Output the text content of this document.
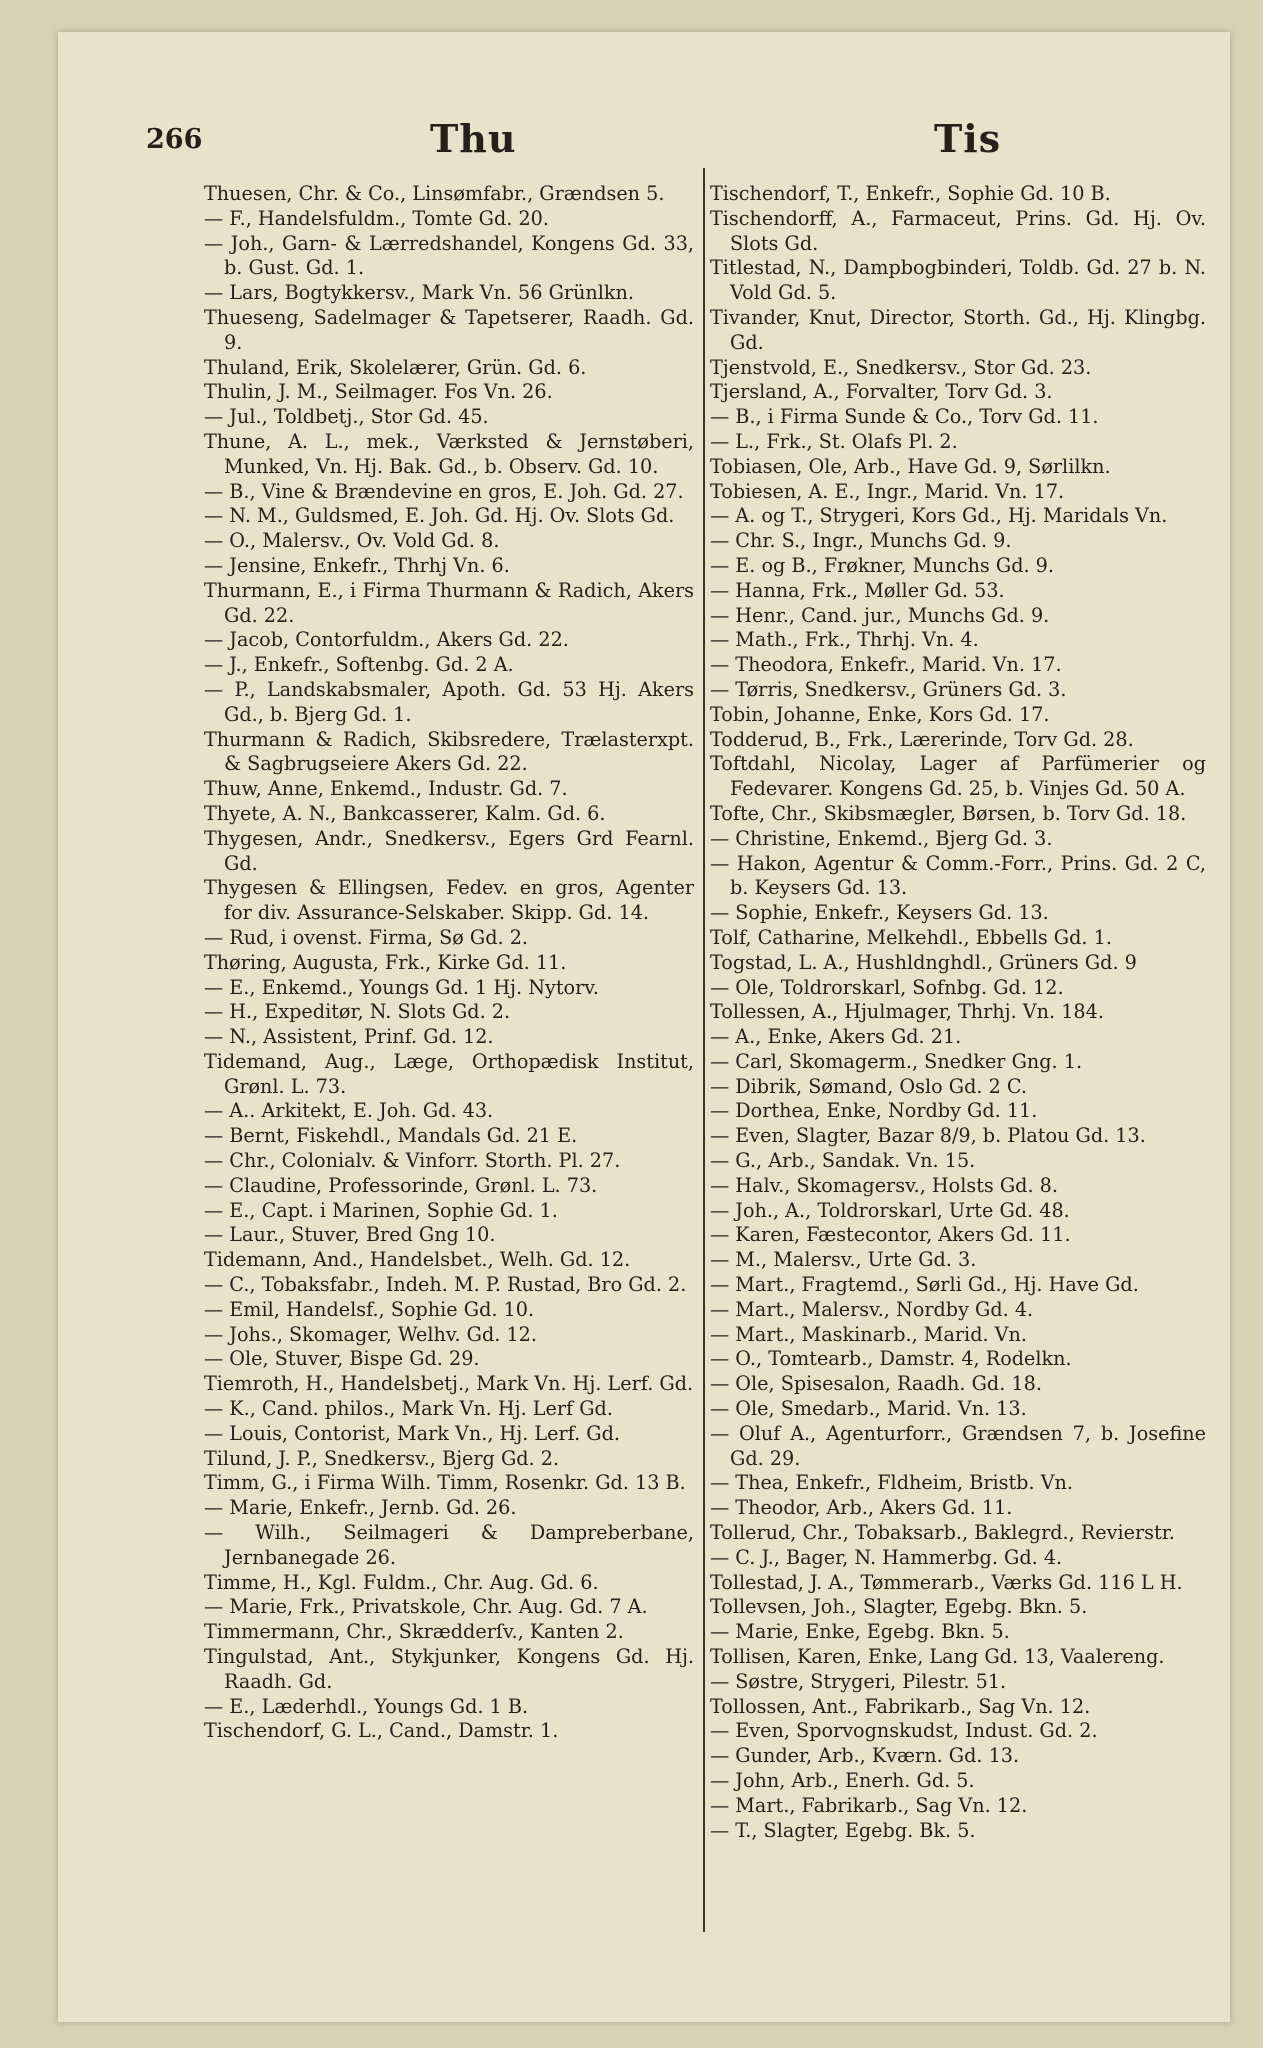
266	Thu	Tis
Thuesen, Chr. & Co., Linsømfabr., Grændsen 5.
— F., Handelsfuldm., Tomte Gd. 20.
— Joh., Garn- & Lærredshandel, Kongens Gd. 33, b. Gust. Gd. 1.
— Lars, Bogtykkersv., Mark Vn. 56 Grünlkn.
Thueseng, Sadelmager & Tapetserer, Raadh. Gd. 9.
Thuland, Erik, Skolelærer, Grün. Gd. 6.
Thulin, J. M., Seilmager. Fos Vn. 26.
— Jul., Toldbetj., Stor Gd. 45.
Thune, A. L., mek., Værksted & Jernstøberi, Munked, Vn. Hj. Bak. Gd., b. Observ. Gd. 10.
— B., Vine & Brændevine en gros, E. Joh. Gd. 27.
— N. M., Guldsmed, E. Joh. Gd. Hj. Ov. Slots Gd.
— O., Malersv., Ov. Vold Gd. 8.
— Jensine, Enkefr., Thrhj Vn. 6.
Thurmann, E., i Firma Thurmann & Radich, Akers Gd. 22.
— Jacob, Contorfuldm., Akers Gd. 22.
— J., Enkefr., Softenbg. Gd. 2 A.
— P., Landskabsmaler, Apoth. Gd. 53 Hj. Akers Gd., b. Bjerg Gd. 1.
Thurmann & Radich, Skibsredere, Trælasterxpt. & Sagbrugseiere Akers Gd. 22.
Thuw, Anne, Enkemd., Industr. Gd. 7.
Thyete, A. N., Bankcasserer, Kalm. Gd. 6.
Thygesen, Andr., Snedkersv., Egers Grd Fearnl. Gd.
Thygesen & Ellingsen, Fedev. en gros, Agenter for div. Assurance-Selskaber. Skipp. Gd. 14.
— Rud, i ovenst. Firma, Sø Gd. 2.
Thøring, Augusta, Frk., Kirke Gd. 11.
— E., Enkemd., Youngs Gd. 1 Hj. Nytorv.
— H., Expeditør, N. Slots Gd. 2.
— N., Assistent, Prinf. Gd. 12.
Tidemand, Aug., Læge, Orthopædisk Institut, Grønl. L. 73.
— A.. Arkitekt, E. Joh. Gd. 43.
— Bernt, Fiskehdl., Mandals Gd. 21 E.
— Chr., Colonialv. & Vinforr. Storth. Pl. 27.
— Claudine, Professorinde, Grønl. L. 73.
— E., Capt. i Marinen, Sophie Gd. 1.
— Laur., Stuver, Bred Gng 10.
Tidemann, And., Handelsbet., Welh. Gd. 12.
— C., Tobaksfabr., Indeh. M. P. Rustad, Bro Gd. 2.
— Emil, Handelsf., Sophie Gd. 10.
— Johs., Skomager, Welhv. Gd. 12.
— Ole, Stuver, Bispe Gd. 29.
Tiemroth, H., Handelsbetj., Mark Vn. Hj. Lerf. Gd.
— K., Cand. philos., Mark Vn. Hj. Lerf Gd.
— Louis, Contorist, Mark Vn., Hj. Lerf. Gd.
Tilund, J. P., Snedkersv., Bjerg Gd. 2.
Timm, G., i Firma Wilh. Timm, Rosenkr. Gd. 13 B.
— Marie, Enkefr., Jernb. Gd. 26.
— Wilh., Seilmageri & Dampreberbane, Jernbanegade 26.
Timme, H., Kgl. Fuldm., Chr. Aug. Gd. 6.
— Marie, Frk., Privatskole, Chr. Aug. Gd. 7 A.
Timmermann, Chr., Skrædderſv., Kanten 2.
Tingulstad, Ant., Stykjunker, Kongens Gd. Hj. Raadh. Gd.
— E., Læderhdl., Youngs Gd. 1 B.
Tischendorf, G. L., Cand., Damstr. 1.
Tischendorf, T., Enkefr., Sophie Gd. 10 B.
Tischendorff, A., Farmaceut, Prins. Gd. Hj. Ov. Slots Gd.
Titlestad, N., Dampbogbinderi, Toldb. Gd. 27 b. N. Vold Gd. 5.
Tivander, Knut, Director, Storth. Gd., Hj. Klingbg. Gd.
Tjenstvold, E., Snedkersv., Stor Gd. 23.
Tjersland, A., Forvalter, Torv Gd. 3.
— B., i Firma Sunde & Co., Torv Gd. 11.
— L., Frk., St. Olafs Pl. 2.
Tobiasen, Ole, Arb., Have Gd. 9, Sørlilkn.
Tobiesen, A. E., Ingr., Marid. Vn. 17.
— A. og T., Strygeri, Kors Gd., Hj. Maridals Vn.
— Chr. S., Ingr., Munchs Gd. 9.
— E. og B., Frøkner, Munchs Gd. 9.
— Hanna, Frk., Møller Gd. 53.
— Henr., Cand. jur., Munchs Gd. 9.
— Math., Frk., Thrhj. Vn. 4.
— Theodora, Enkefr., Marid. Vn. 17.
— Tørris, Snedkersv., Grüners Gd. 3.
Tobin, Johanne, Enke, Kors Gd. 17.
Todderud, B., Frk., Lærerinde, Torv Gd. 28.
Toftdahl, Nicolay, Lager af Parfümerier og Fedevarer. Kongens Gd. 25, b. Vinjes Gd. 50 A.
Tofte, Chr., Skibsmægler, Børsen, b. Torv Gd. 18.
— Christine, Enkemd., Bjerg Gd. 3.
— Hakon, Agentur & Comm.-Forr., Prins. Gd. 2 C, b. Keysers Gd. 13.
— Sophie, Enkefr., Keysers Gd. 13.
Tolf, Catharine, Melkehdl., Ebbells Gd. 1.
Togstad, L. A., Hushldnghdl., Grüners Gd. 9
— Ole, Toldrorskarl, Sofnbg. Gd. 12.
Tollessen, A., Hjulmager, Thrhj. Vn. 184.
— A., Enke, Akers Gd. 21.
— Carl, Skomagerm., Snedker Gng. 1.
— Dibrik, Sømand, Oslo Gd. 2 C.
— Dorthea, Enke, Nordby Gd. 11.
— Even, Slagter, Bazar 8/9, b. Platou Gd. 13.
— G., Arb., Sandak. Vn. 15.
— Halv., Skomagersv., Holsts Gd. 8.
— Joh., A., Toldrorskarl, Urte Gd. 48.
— Karen, Fæstecontor, Akers Gd. 11.
— M., Malersv., Urte Gd. 3.
— Mart., Fragtemd., Sørli Gd., Hj. Have Gd.
— Mart., Malersv., Nordby Gd. 4.
— Mart., Maskinarb., Marid. Vn.
— O., Tomtearb., Damstr. 4, Rodelkn.
— Ole, Spisesalon, Raadh. Gd. 18.
— Ole, Smedarb., Marid. Vn. 13.
— Oluf A., Agenturforr., Grændsen 7, b. Josefine Gd. 29.
— Thea, Enkefr., Fldheim, Bristb. Vn.
— Theodor, Arb., Akers Gd. 11.
Tollerud, Chr., Tobaksarb., Baklegrd., Revierstr.
— C. J., Bager, N. Hammerbg. Gd. 4.
Tollestad, J. A., Tømmerarb., Værks Gd. 116 L H.
Tollevsen, Joh., Slagter, Egebg. Bkn. 5.
— Marie, Enke, Egebg. Bkn. 5.
Tollisen, Karen, Enke, Lang Gd. 13, Vaalereng.
— Søstre, Strygeri, Pilestr. 51.
Tollossen, Ant., Fabrikarb., Sag Vn. 12.
— Even, Sporvognskudst, Indust. Gd. 2.
— Gunder, Arb., Kværn. Gd. 13.
— John, Arb., Enerh. Gd. 5.
— Mart., Fabrikarb., Sag Vn. 12.
— T., Slagter, Egebg. Bk. 5.
